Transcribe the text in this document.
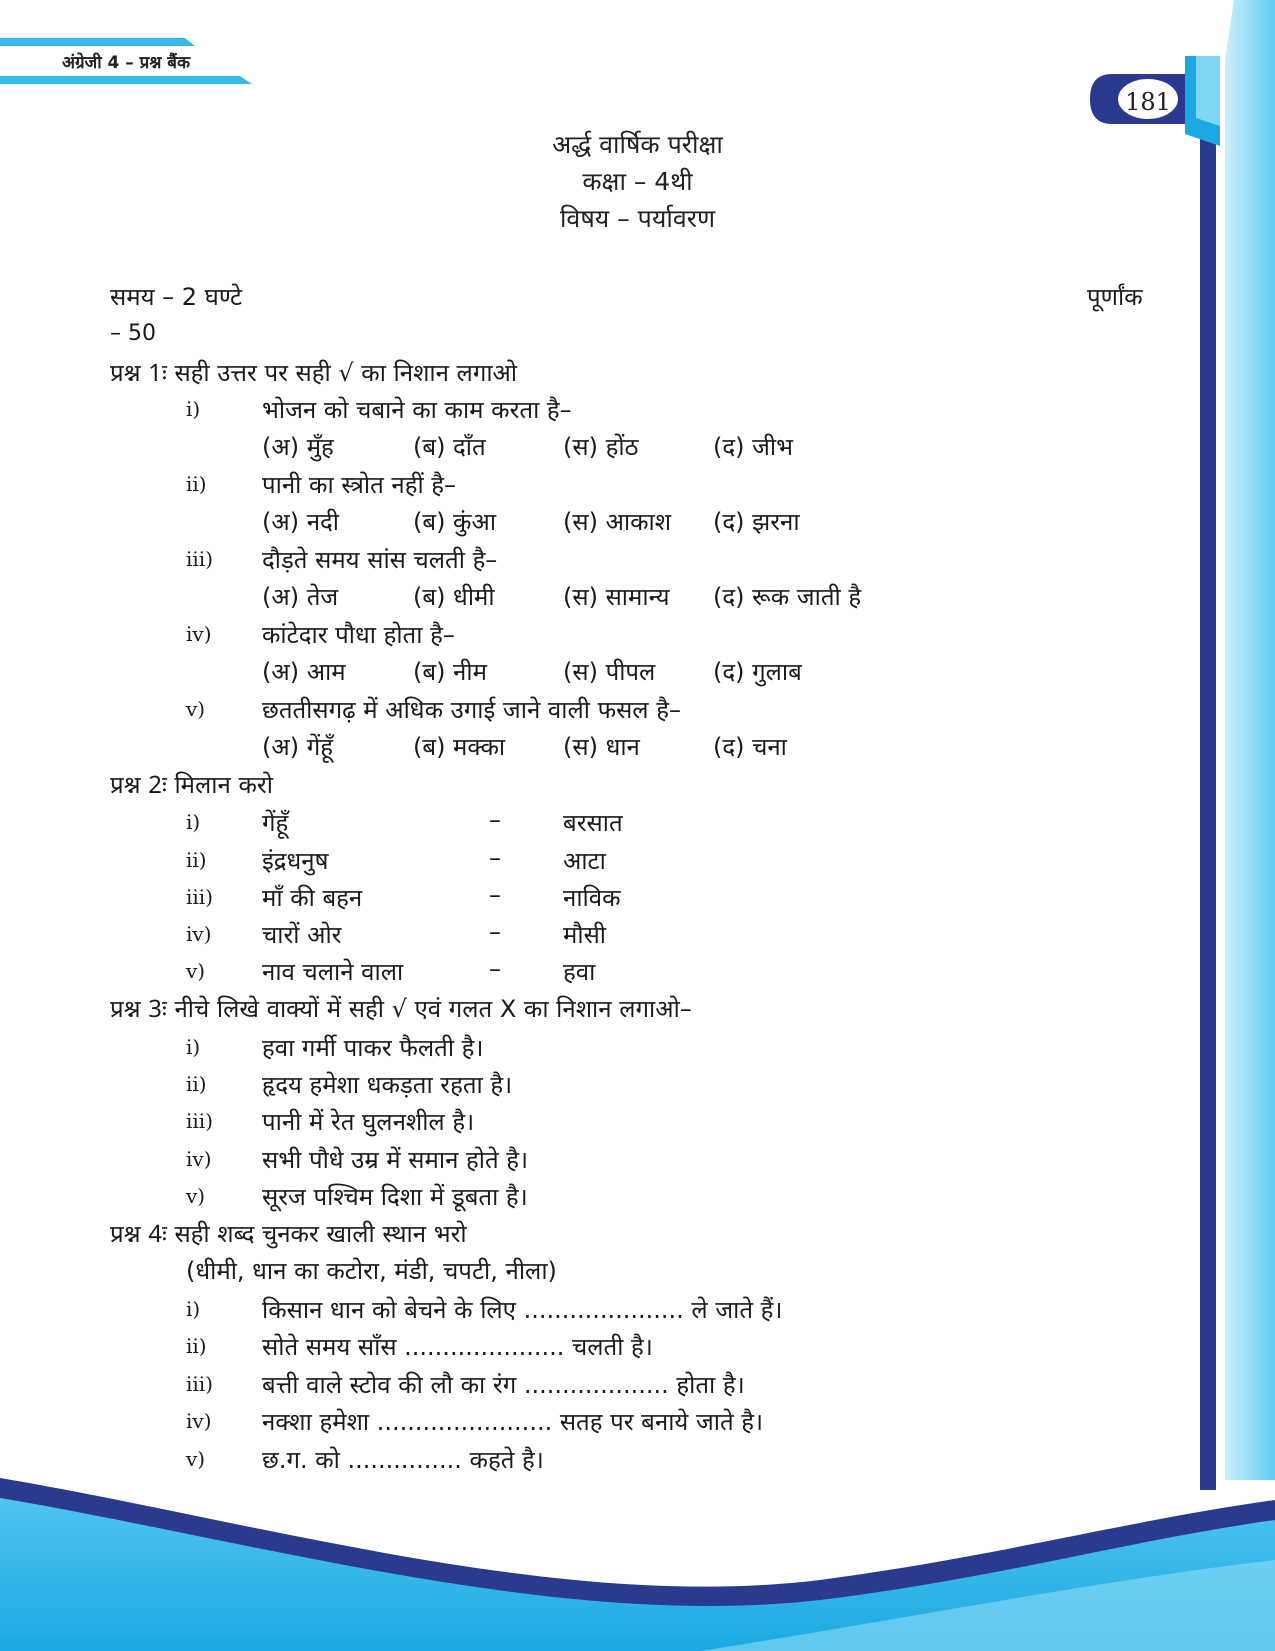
अंग्रेजी 4 – प्रश्न बैंक
181
अर्द्ध वार्षिक परीक्षा
कक्षा – 4थी
विषय – पर्यावरण
समय – 2 घण्टे	पूर्णांक
– 50
प्रश्न 1ः सही उत्तर पर सही √ का निशान लगाओ
i)	भोजन को चबाने का काम करता है–
(अ) मुँह	(ब) दाँत	(स) होंठ	(द) जीभ
ii) पानी का स्त्रोत नहीं है–
(अ) नदी	(ब) कुंआ	(स) आकाश (द) झरना
iii) दौड़ते समय सांस चलती है–
(अ) तेज	(ब) धीमी	(स) सामान्य (द) रूक जाती है
iv) कांटेदार पौधा होता है–
(अ) आम	(ब) नीम	(स) पीपल (द) गुलाब
v) छततीसगढ़ में अधिक उगाई जाने वाली फसल है–
(अ) गेंहूँ	(ब) मक्का (स) धान	(द) चना
प्रश्न 2ः मिलान करो
i)	गेंहूँ	–	बरसात
ii) इंद्रधनुष	–	आटा
iii) माँ की बहन	–	नाविक
iv) चारों ओर	–	मौसी
v) नाव चलाने वाला	–	हवा
प्रश्न 3ः नीचे लिखे वाक्यों में सही √ एवं गलत X का निशान लगाओ–
i)	हवा गर्मी पाकर फैलती है।
ii) हृदय हमेशा धकड़ता रहता है।
iii) पानी में रेत घुलनशील है।
iv) सभी पौधे उम्र में समान होते है।
v) सूरज पश्चिम दिशा में डूबता है।
प्रश्न 4ः सही शब्द चुनकर खाली स्थान भरो
(धीमी, धान का कटोरा, मंडी, चपटी, नीला)
i)	किसान धान को बेचने के लिए ..................... ले जाते हैं।
ii) सोते समय साँस ..................... चलती है।
iii) बत्ती वाले स्टोव की लौ का रंग ................... होता है।
iv) नक्शा हमेशा ....................... सतह पर बनाये जाते है।
v) छ.ग. को ............... कहते है।
